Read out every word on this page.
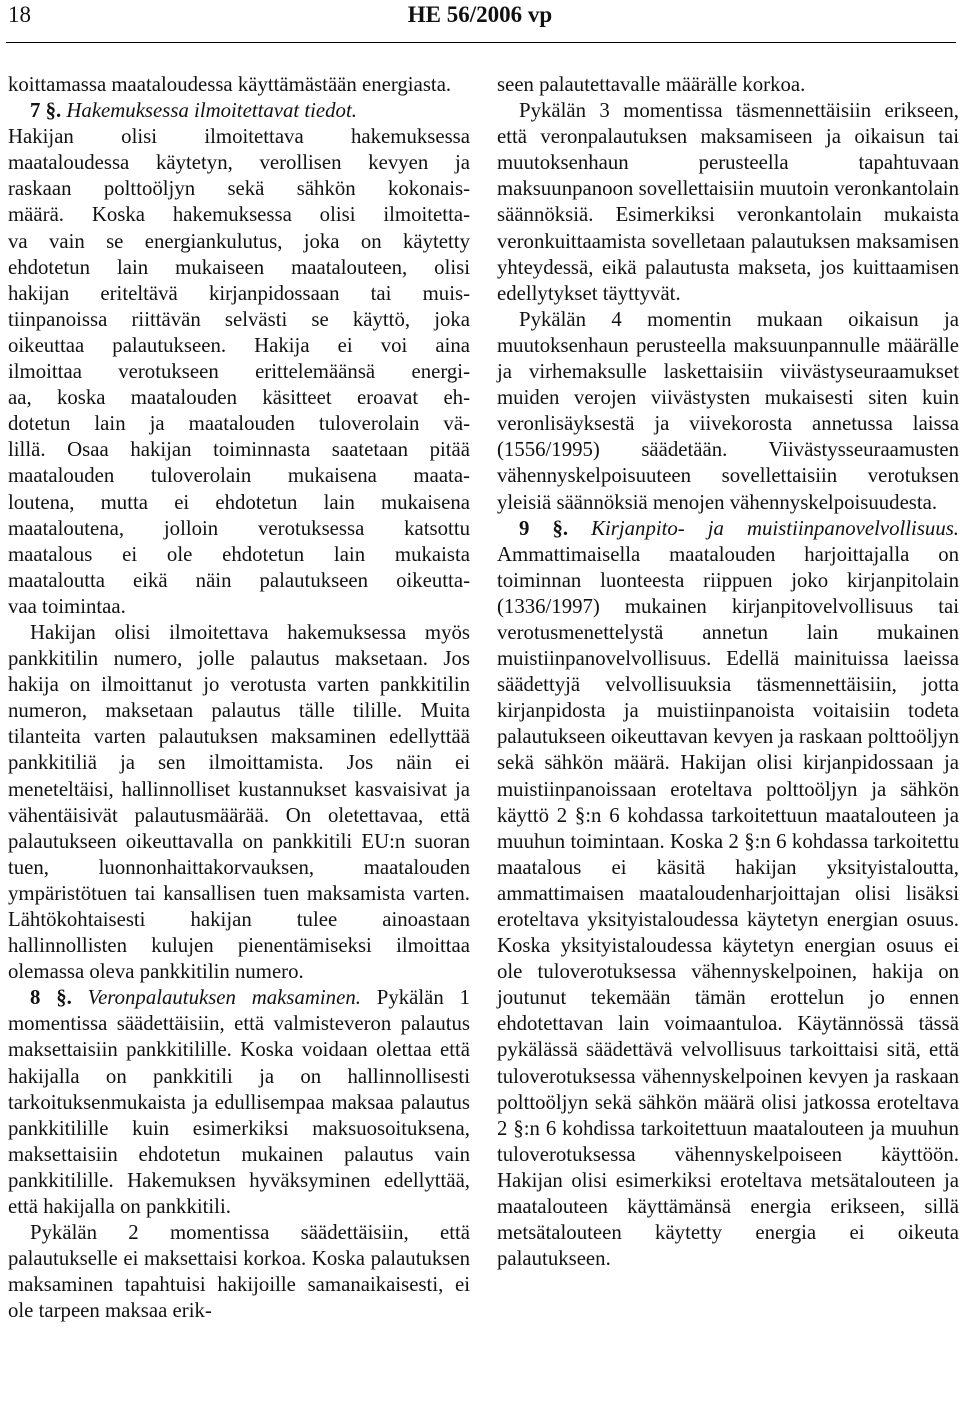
18	HE 56/2006 vp

koittamassa maataloudessa käyttämästään energiasta.

7 §. Hakemuksessa ilmoitettavat tiedot.

Hakijan olisi ilmoitettava hakemuksessa
maataloudessa käytetyn, verollisen kevyen ja
raskaan polttoöljyn sekä sähkön kokonais-
määrä. Koska hakemuksessa olisi ilmoitetta-
va vain se energiankulutus, joka on käytetty
ehdotetun lain mukaiseen maatalouteen, olisi
hakijan eriteltävä kirjanpidossaan tai muis-
tiinpanoissa riittävän selvästi se käyttö, joka
oikeuttaa palautukseen. Hakija ei voi aina
ilmoittaa verotukseen erittelemäänsä energi-
aa, koska maatalouden käsitteet eroavat eh-
dotetun lain ja maatalouden tuloverolain vä-
lillä. Osaa hakijan toiminnasta saatetaan pitää
maatalouden tuloverolain mukaisena maata-
loutena, mutta ei ehdotetun lain mukaisena
maataloutena, jolloin verotuksessa katsottu
maatalous ei ole ehdotetun lain mukaista
maataloutta eikä näin palautukseen oikeutta-
vaa toimintaa.

Hakijan olisi ilmoitettava hakemuksessa myös pankkitilin numero, jolle palautus maksetaan. Jos hakija on ilmoittanut jo verotusta varten pankkitilin numeron, maksetaan palautus tälle tilille. Muita tilanteita varten palautuksen maksaminen edellyttää pankkitiliä ja sen ilmoittamista. Jos näin ei meneteltäisi, hallinnolliset kustannukset kasvaisivat ja vähentäisivät palautusmäärää. On oletettavaa, että palautukseen oikeuttavalla on pankkitili EU:n suoran tuen, luonnonhaittakorvauksen, maatalouden ympäristötuen tai kansallisen tuen maksamista varten. Lähtökohtaisesti hakijan tulee ainoastaan hallinnollisten kulujen pienentämiseksi ilmoittaa olemassa oleva pankkitilin numero.

8 §. Veronpalautuksen maksaminen. Pykälän 1 momentissa säädettäisiin, että valmisteveron palautus maksettaisiin pankkitilille. Koska voidaan olettaa että hakijalla on pankkitili ja on hallinnollisesti tarkoituksenmukaista ja edullisempaa maksaa palautus pankkitilille kuin esimerkiksi maksuosoituksena, maksettaisiin ehdotetun mukainen palautus vain pankkitilille. Hakemuksen hyväksyminen edellyttää, että hakijalla on pankkitili.

Pykälän 2 momentissa säädettäisiin, että palautukselle ei maksettaisi korkoa. Koska palautuksen maksaminen tapahtuisi hakijoille samanaikaisesti, ei ole tarpeen maksaa erik-

seen palautettavalle määrälle korkoa.

Pykälän 3 momentissa täsmennettäisiin erikseen, että veronpalautuksen maksamiseen ja oikaisun tai muutoksenhaun perusteella tapahtuvaan maksuunpanoon sovellettaisiin muutoin veronkantolain säännöksiä. Esimerkiksi veronkantolain mukaista veronkuittaamista sovelletaan palautuksen maksamisen yhteydessä, eikä palautusta makseta, jos kuittaamisen edellytykset täyttyvät.

Pykälän 4 momentin mukaan oikaisun ja muutoksenhaun perusteella maksuunpannulle määrälle ja virhemaksulle laskettaisiin viivästyseuraamukset muiden verojen viivästysten mukaisesti siten kuin veronlisäyksestä ja viivekorosta annetussa laissa (1556/1995) säädetään. Viivästysseuraamusten vähennyskelpoisuuteen sovellettaisiin verotuksen yleisiä säännöksiä menojen vähennyskelpoisuudesta.

9 §. Kirjanpito- ja muistiinpanovelvollisuus. Ammattimaisella maatalouden harjoittajalla on toiminnan luonteesta riippuen joko kirjanpitolain (1336/1997) mukainen kirjanpitovelvollisuus tai verotusmenettelystä annetun lain mukainen muistiinpanovelvollisuus. Edellä mainituissa laeissa säädettyjä velvollisuuksia täsmennettäisiin, jotta kirjanpidosta ja muistiinpanoista voitaisiin todeta palautukseen oikeuttavan kevyen ja raskaan polttoöljyn sekä sähkön määrä. Hakijan olisi kirjanpidossaan ja muistiinpanoissaan eroteltava polttoöljyn ja sähkön käyttö 2 §:n 6 kohdassa tarkoitettuun maatalouteen ja muuhun toimintaan. Koska 2 §:n 6 kohdassa tarkoitettu maatalous ei käsitä hakijan yksityistaloutta, ammattimaisen maataloudenharjoittajan olisi lisäksi eroteltava yksityistaloudessa käytetyn energian osuus. Koska yksityistaloudessa käytetyn energian osuus ei ole tuloverotuksessa vähennyskelpoinen, hakija on joutunut tekemään tämän erottelun jo ennen ehdotettavan lain voimaantuloa. Käytännössä tässä pykälässä säädettävä velvollisuus tarkoittaisi sitä, että tuloverotuksessa vähennyskelpoinen kevyen ja raskaan polttoöljyn sekä sähkön määrä olisi jatkossa eroteltava 2 §:n 6 kohdissa tarkoitettuun maatalouteen ja muuhun tuloverotuksessa vähennyskelpoiseen käyttöön. Hakijan olisi esimerkiksi eroteltava metsätalouteen ja maatalouteen käyttämänsä energia erikseen, sillä metsätalouteen käytetty energia ei oikeuta palautukseen.
